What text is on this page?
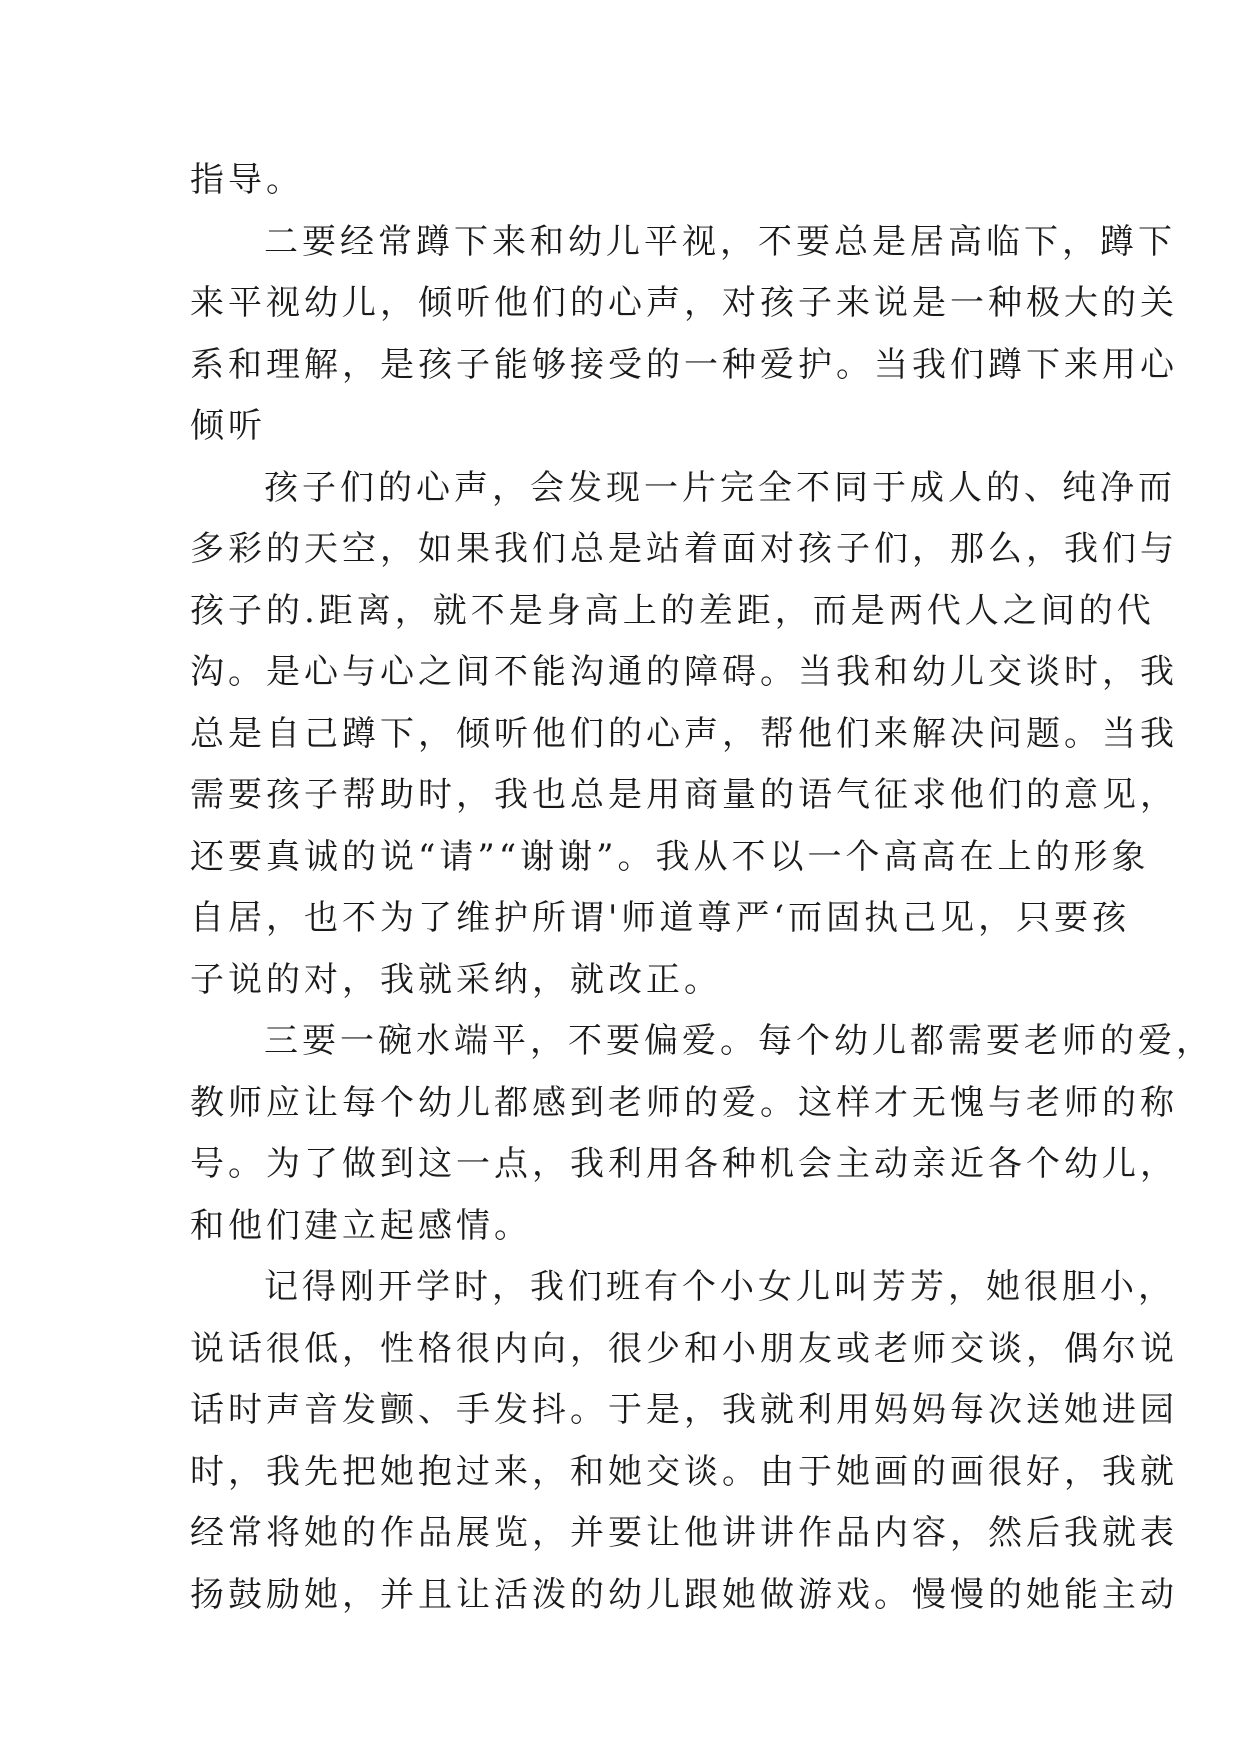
指导。
二要经常蹲下来和幼儿平视，不要总是居高临下，蹲下
来平视幼儿，倾听他们的心声，对孩子来说是一种极大的关
系和理解，是孩子能够接受的一种爱护。当我们蹲下来用心
倾听
孩子们的心声，会发现一片完全不同于成人的、纯净而
多彩的天空，如果我们总是站着面对孩子们，那么，我们与
孩子的.距离，就不是身高上的差距，而是两代人之间的代
沟。是心与心之间不能沟通的障碍。当我和幼儿交谈时，我
总是自己蹲下，倾听他们的心声，帮他们来解决问题。当我
需要孩子帮助时，我也总是用商量的语气征求他们的意见，
还要真诚的说“请”“谢谢”。我从不以一个高高在上的形象
自居，也不为了维护所谓'师道尊严‘而固执己见，只要孩
子说的对，我就采纳，就改正。
三要一碗水端平，不要偏爱。每个幼儿都需要老师的爱，
教师应让每个幼儿都感到老师的爱。这样才无愧与老师的称
号。为了做到这一点，我利用各种机会主动亲近各个幼儿，
和他们建立起感情。
记得刚开学时，我们班有个小女儿叫芳芳，她很胆小，
说话很低，性格很内向，很少和小朋友或老师交谈，偶尔说
话时声音发颤、手发抖。于是，我就利用妈妈每次送她进园
时，我先把她抱过来，和她交谈。由于她画的画很好，我就
经常将她的作品展览，并要让他讲讲作品内容，然后我就表
扬鼓励她，并且让活泼的幼儿跟她做游戏。慢慢的她能主动
